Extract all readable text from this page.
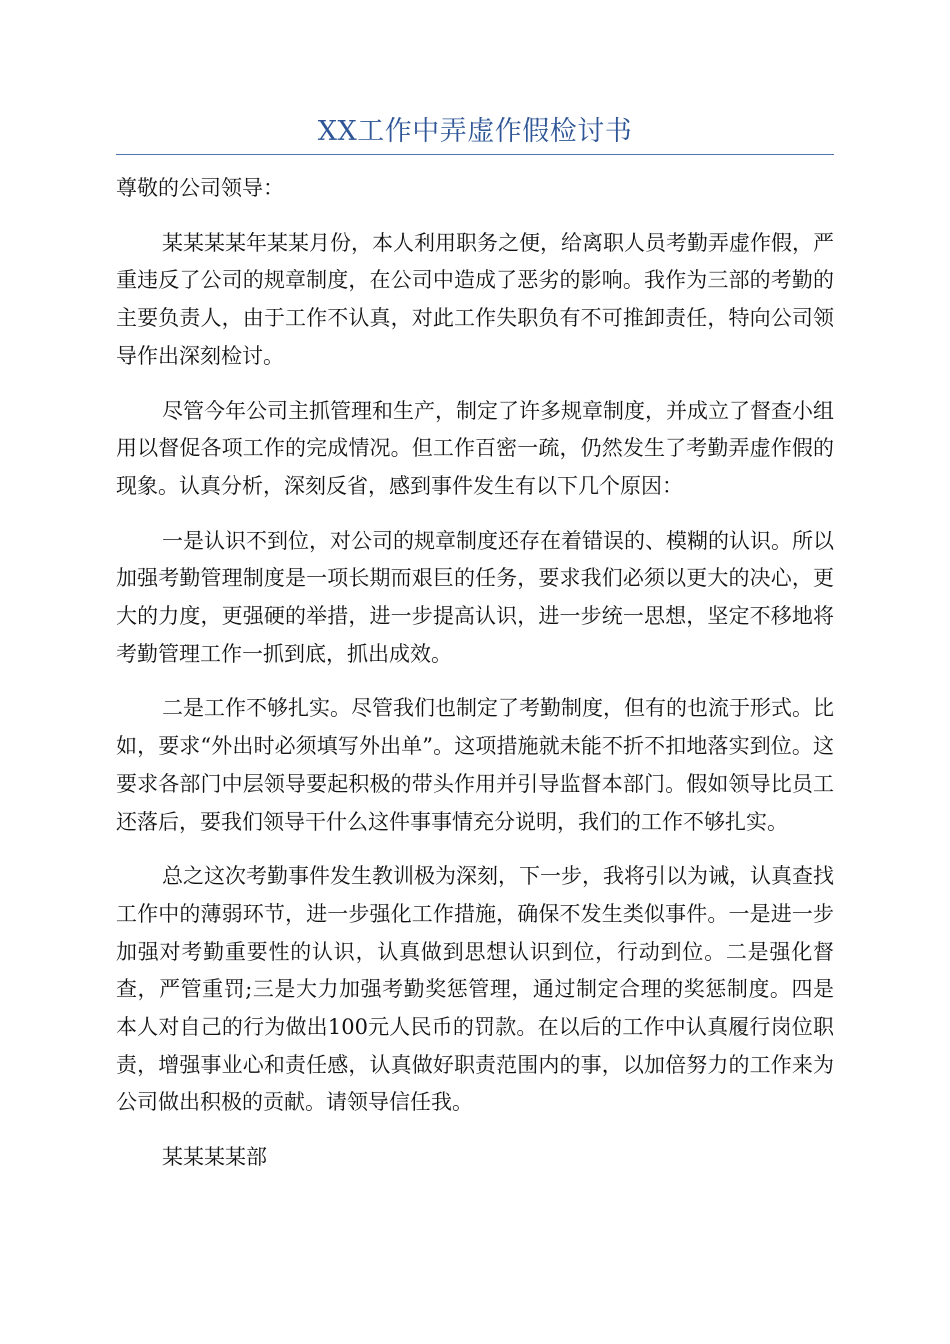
XX工作中弄虚作假检讨书

尊敬的公司领导：

某某某某年某某月份，本人利用职务之便，给离职人员考勤弄虚作假，严重违反了公司的规章制度，在公司中造成了恶劣的影响。我作为三部的考勤的主要负责人，由于工作不认真，对此工作失职负有不可推卸责任，特向公司领导作出深刻检讨。

尽管今年公司主抓管理和生产，制定了许多规章制度，并成立了督查小组用以督促各项工作的完成情况。但工作百密一疏，仍然发生了考勤弄虚作假的现象。认真分析，深刻反省，感到事件发生有以下几个原因：

一是认识不到位，对公司的规章制度还存在着错误的、模糊的认识。所以加强考勤管理制度是一项长期而艰巨的任务，要求我们必须以更大的决心，更大的力度，更强硬的举措，进一步提高认识，进一步统一思想，坚定不移地将考勤管理工作一抓到底，抓出成效。

二是工作不够扎实。尽管我们也制定了考勤制度，但有的也流于形式。比如，要求“外出时必须填写外出单”。这项措施就未能不折不扣地落实到位。这要求各部门中层领导要起积极的带头作用并引导监督本部门。假如领导比员工还落后，要我们领导干什么这件事事情充分说明，我们的工作不够扎实。

总之这次考勤事件发生教训极为深刻，下一步，我将引以为诫，认真查找工作中的薄弱环节，进一步强化工作措施，确保不发生类似事件。一是进一步加强对考勤重要性的认识，认真做到思想认识到位，行动到位。二是强化督查，严管重罚;三是大力加强考勤奖惩管理，通过制定合理的奖惩制度。四是本人对自己的行为做出100元人民币的罚款。在以后的工作中认真履行岗位职责，增强事业心和责任感，认真做好职责范围内的事，以加倍努力的工作来为公司做出积极的贡献。请领导信任我。

某某某某部
